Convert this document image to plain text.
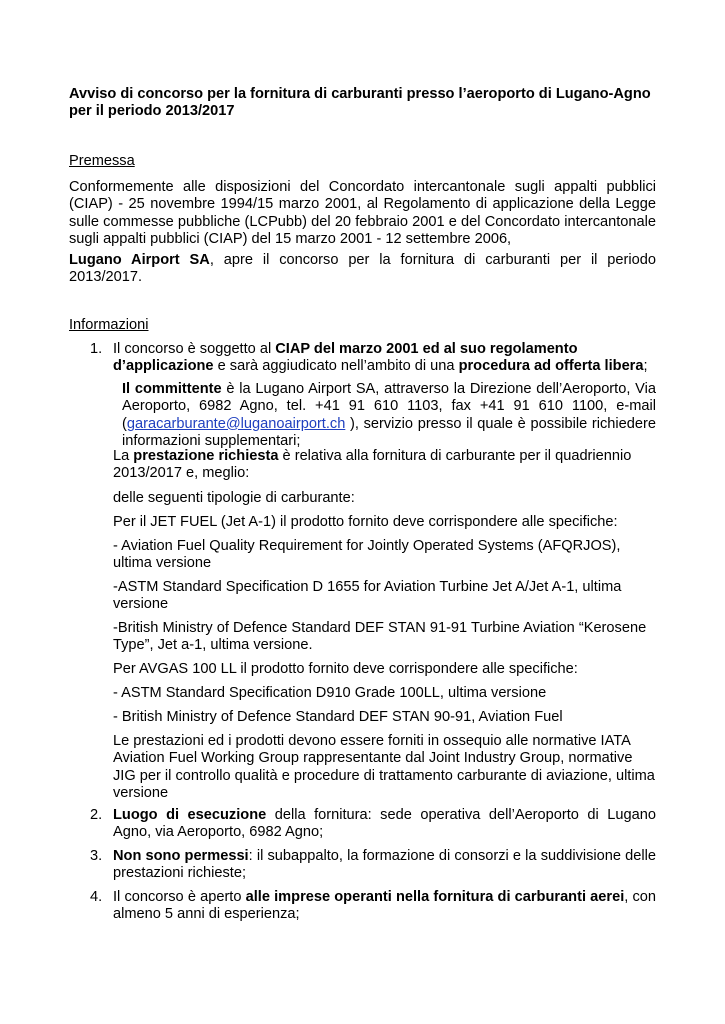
Avviso di concorso per la fornitura di carburanti presso l’aeroporto di Lugano-Agno
per il periodo 2013/2017
Premessa
Conformemente alle disposizioni del Concordato intercantonale sugli appalti pubblici (CIAP) - 25 novembre 1994/15 marzo 2001, al Regolamento di applicazione della Legge sulle commesse pubbliche (LCPubb) del 20 febbraio 2001 e del Concordato intercantonale sugli appalti pubblici (CIAP) del 15 marzo 2001 - 12 settembre 2006,
Lugano Airport SA, apre il concorso per la fornitura di carburanti per il periodo 2013/2017.
Informazioni
1. Il concorso è soggetto al CIAP del marzo 2001 ed al suo regolamento d’applicazione e sarà aggiudicato nell’ambito di una procedura ad offerta libera;
Il committente è la Lugano Airport SA, attraverso la Direzione dell’Aeroporto, Via Aeroporto, 6982 Agno, tel. +41 91 610 1103, fax +41 91 610 1100, e-mail (garacarburante@luganoairport.ch ), servizio presso il quale è possibile richiedere informazioni supplementari;
La prestazione richiesta è relativa alla fornitura di carburante per il quadriennio 2013/2017 e, meglio:
delle seguenti tipologie di carburante:
Per il JET FUEL (Jet A-1) il prodotto fornito deve corrispondere alle specifiche:
- Aviation Fuel Quality Requirement for Jointly Operated Systems (AFQRJOS), ultima versione
-ASTM Standard Specification D 1655 for Aviation Turbine Jet A/Jet A-1, ultima versione
-British Ministry of Defence Standard DEF STAN 91-91 Turbine Aviation “Kerosene Type”, Jet a-1, ultima versione.
Per AVGAS 100 LL il prodotto fornito deve corrispondere alle specifiche:
- ASTM Standard Specification D910 Grade 100LL, ultima versione
- British Ministry of Defence Standard DEF STAN 90-91, Aviation Fuel
Le prestazioni ed i prodotti devono essere forniti in ossequio alle normative IATA Aviation Fuel Working Group rappresentante dal Joint Industry Group, normative JIG per il controllo qualità e procedure di trattamento carburante di aviazione, ultima versione
2. Luogo di esecuzione della fornitura: sede operativa dell’Aeroporto di Lugano Agno, via Aeroporto, 6982 Agno;
3. Non sono permessi: il subappalto, la formazione di consorzi e la suddivisione delle prestazioni richieste;
4. Il concorso è aperto alle imprese operanti nella fornitura di carburanti aerei, con almeno 5 anni di esperienza;
